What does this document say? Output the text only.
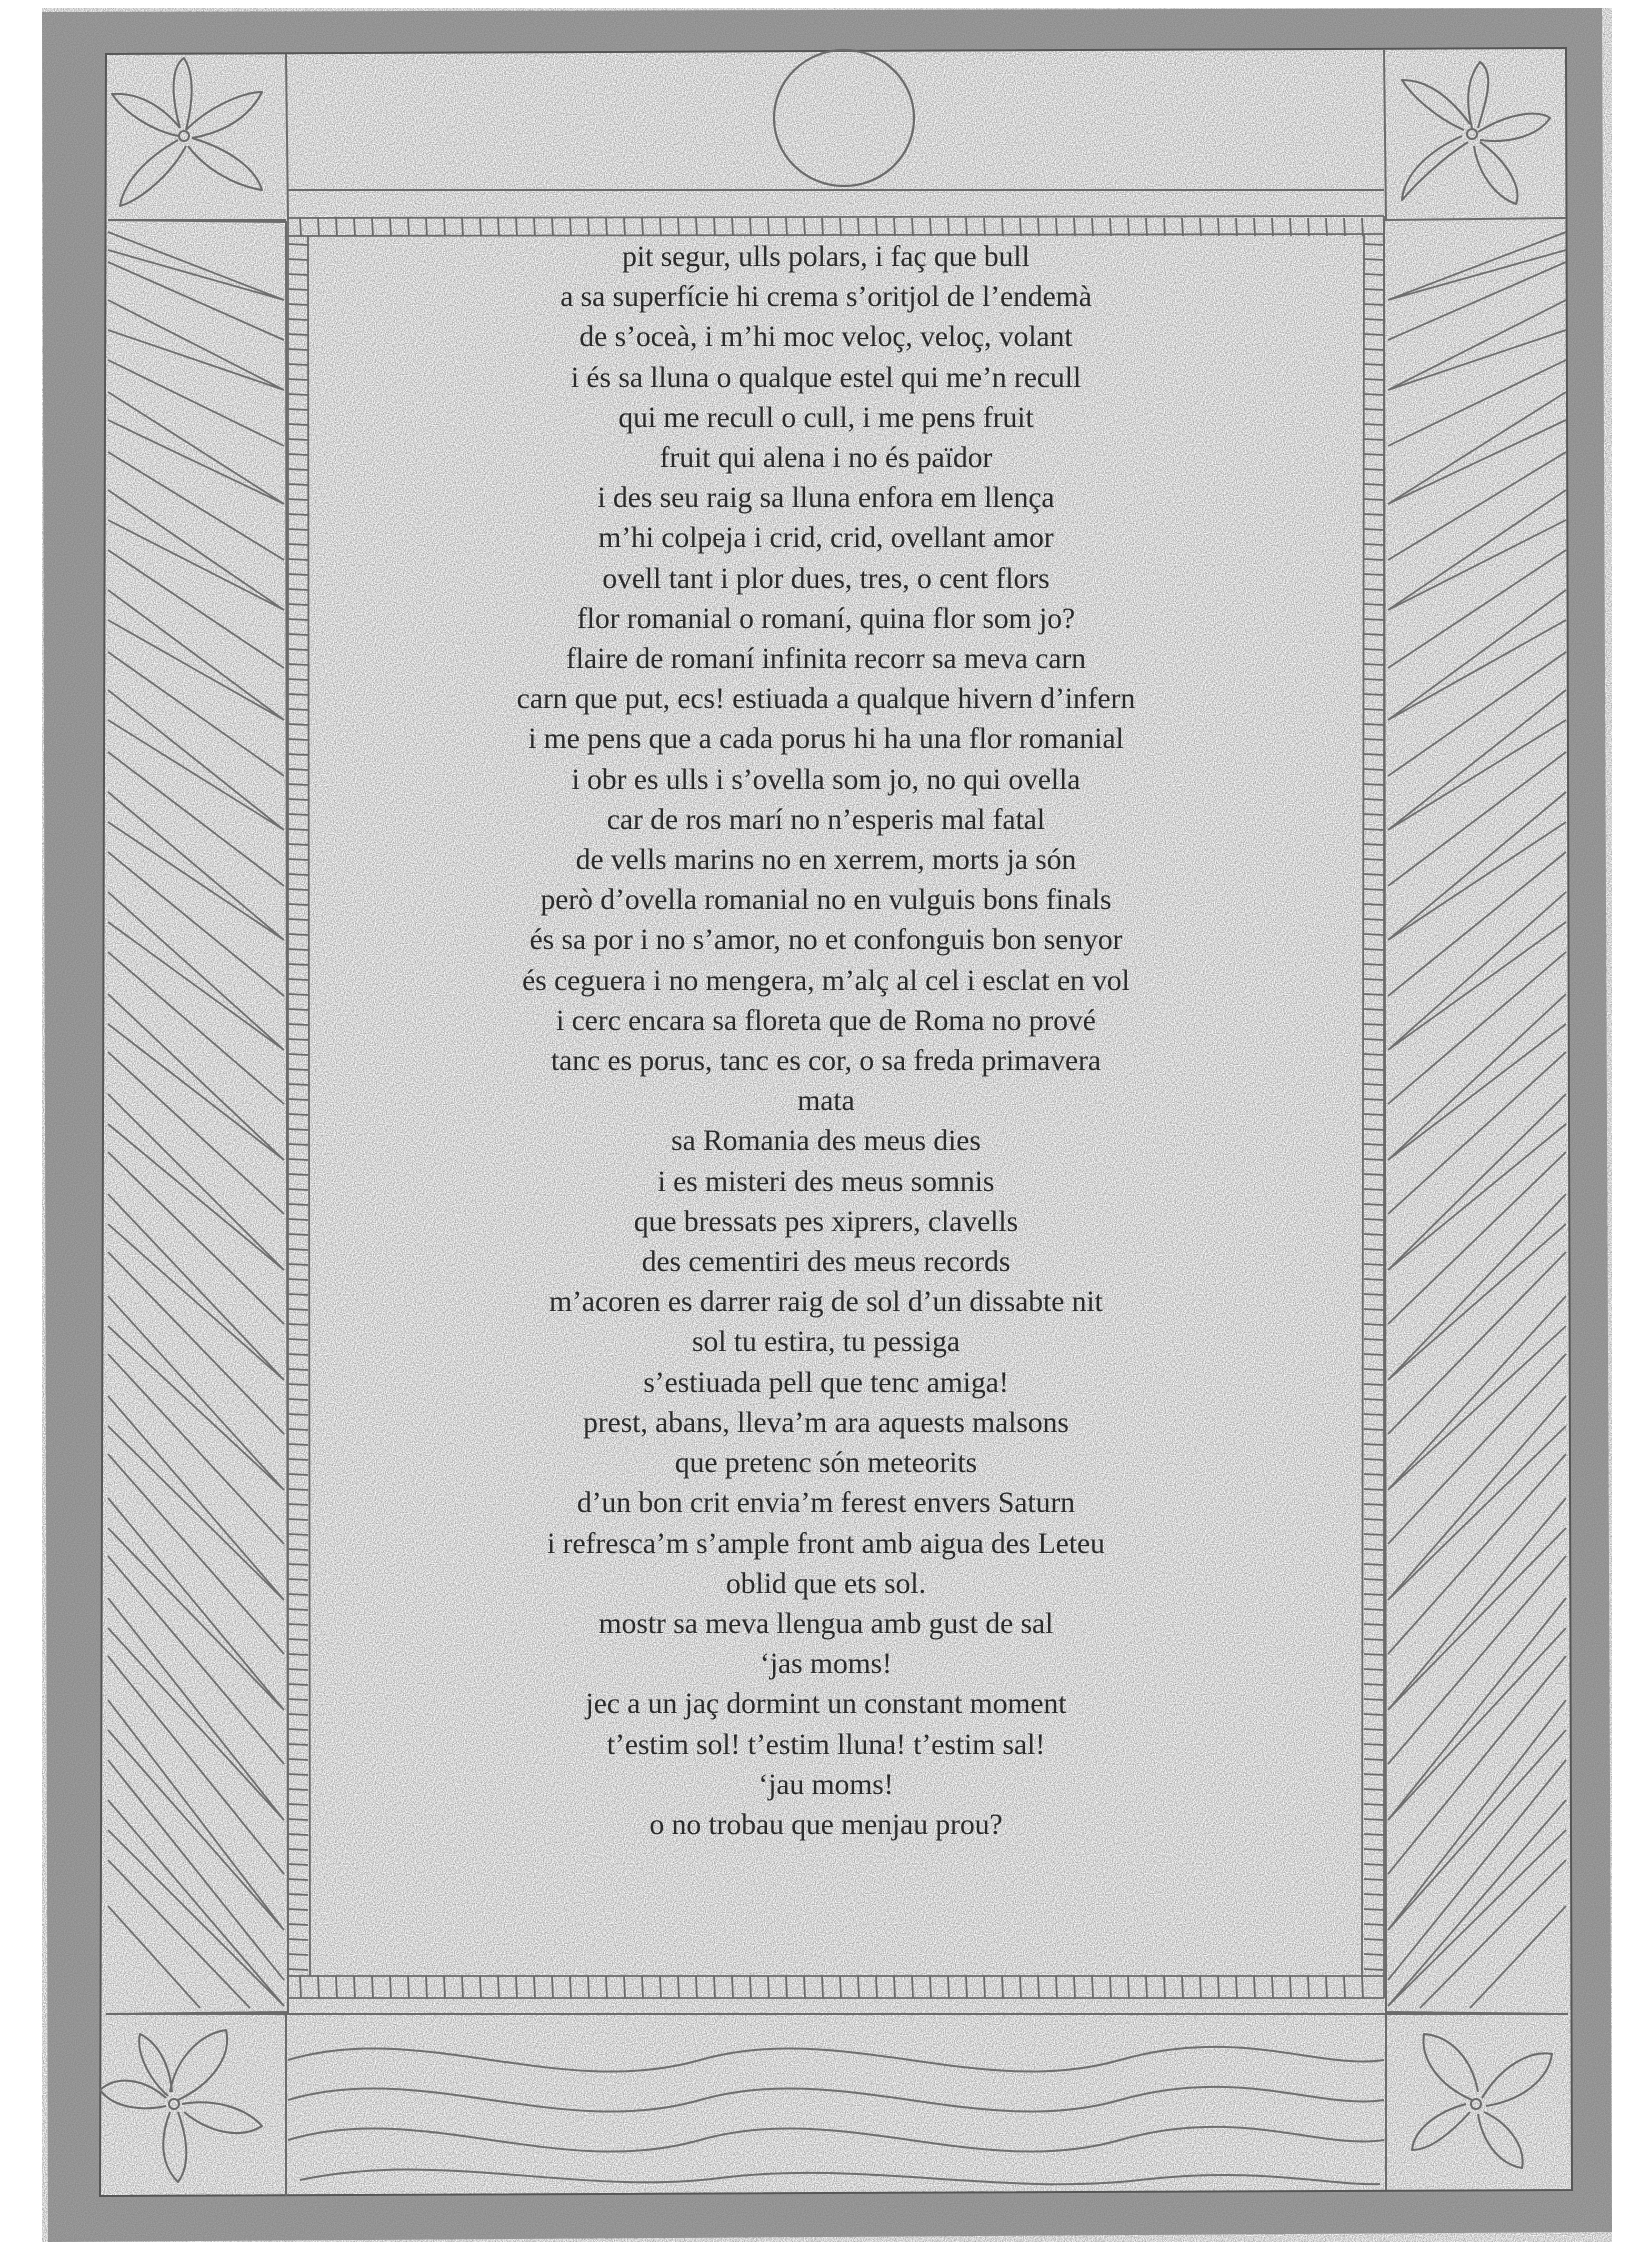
pit segur, ulls polars, i faç que bull
a sa superfície hi crema s’oritjol de l’endemà
de s’oceà, i m’hi moc veloç, veloç, volant
i és sa lluna o qualque estel qui me’n recull
qui me recull o cull, i me pens fruit
fruit qui alena i no és païdor
i des seu raig sa lluna enfora em llença
m’hi colpeja i crid, crid, ovellant amor
ovell tant i plor dues, tres, o cent flors
flor romanial o romaní, quina flor som jo?
flaire de romaní infinita recorr sa meva carn
carn que put, ecs! estiuada a qualque hivern d’infern
i me pens que a cada porus hi ha una flor romanial
i obr es ulls i s’ovella som jo, no qui ovella
car de ros marí no n’esperis mal fatal
de vells marins no en xerrem, morts ja són
però d’ovella romanial no en vulguis bons finals
és sa por i no s’amor, no et confonguis bon senyor
és ceguera i no mengera, m’alç al cel i esclat en vol
i cerc encara sa floreta que de Roma no prové
tanc es porus, tanc es cor, o sa freda primavera
mata
sa Romania des meus dies
i es misteri des meus somnis
que bressats pes xiprers, clavells
des cementiri des meus records
m’acoren es darrer raig de sol d’un dissabte nit
sol tu estira, tu pessiga
s’estiuada pell que tenc amiga!
prest, abans, lleva’m ara aquests malsons
que pretenc són meteorits
d’un bon crit envia’m ferest envers Saturn
i refresca’m s’ample front amb aigua des Leteu
oblid que ets sol.
mostr sa meva llengua amb gust de sal
‘jas moms!
jec a un jaç dormint un constant moment
t’estim sol! t’estim lluna! t’estim sal!
‘jau moms!
o no trobau que menjau prou?
